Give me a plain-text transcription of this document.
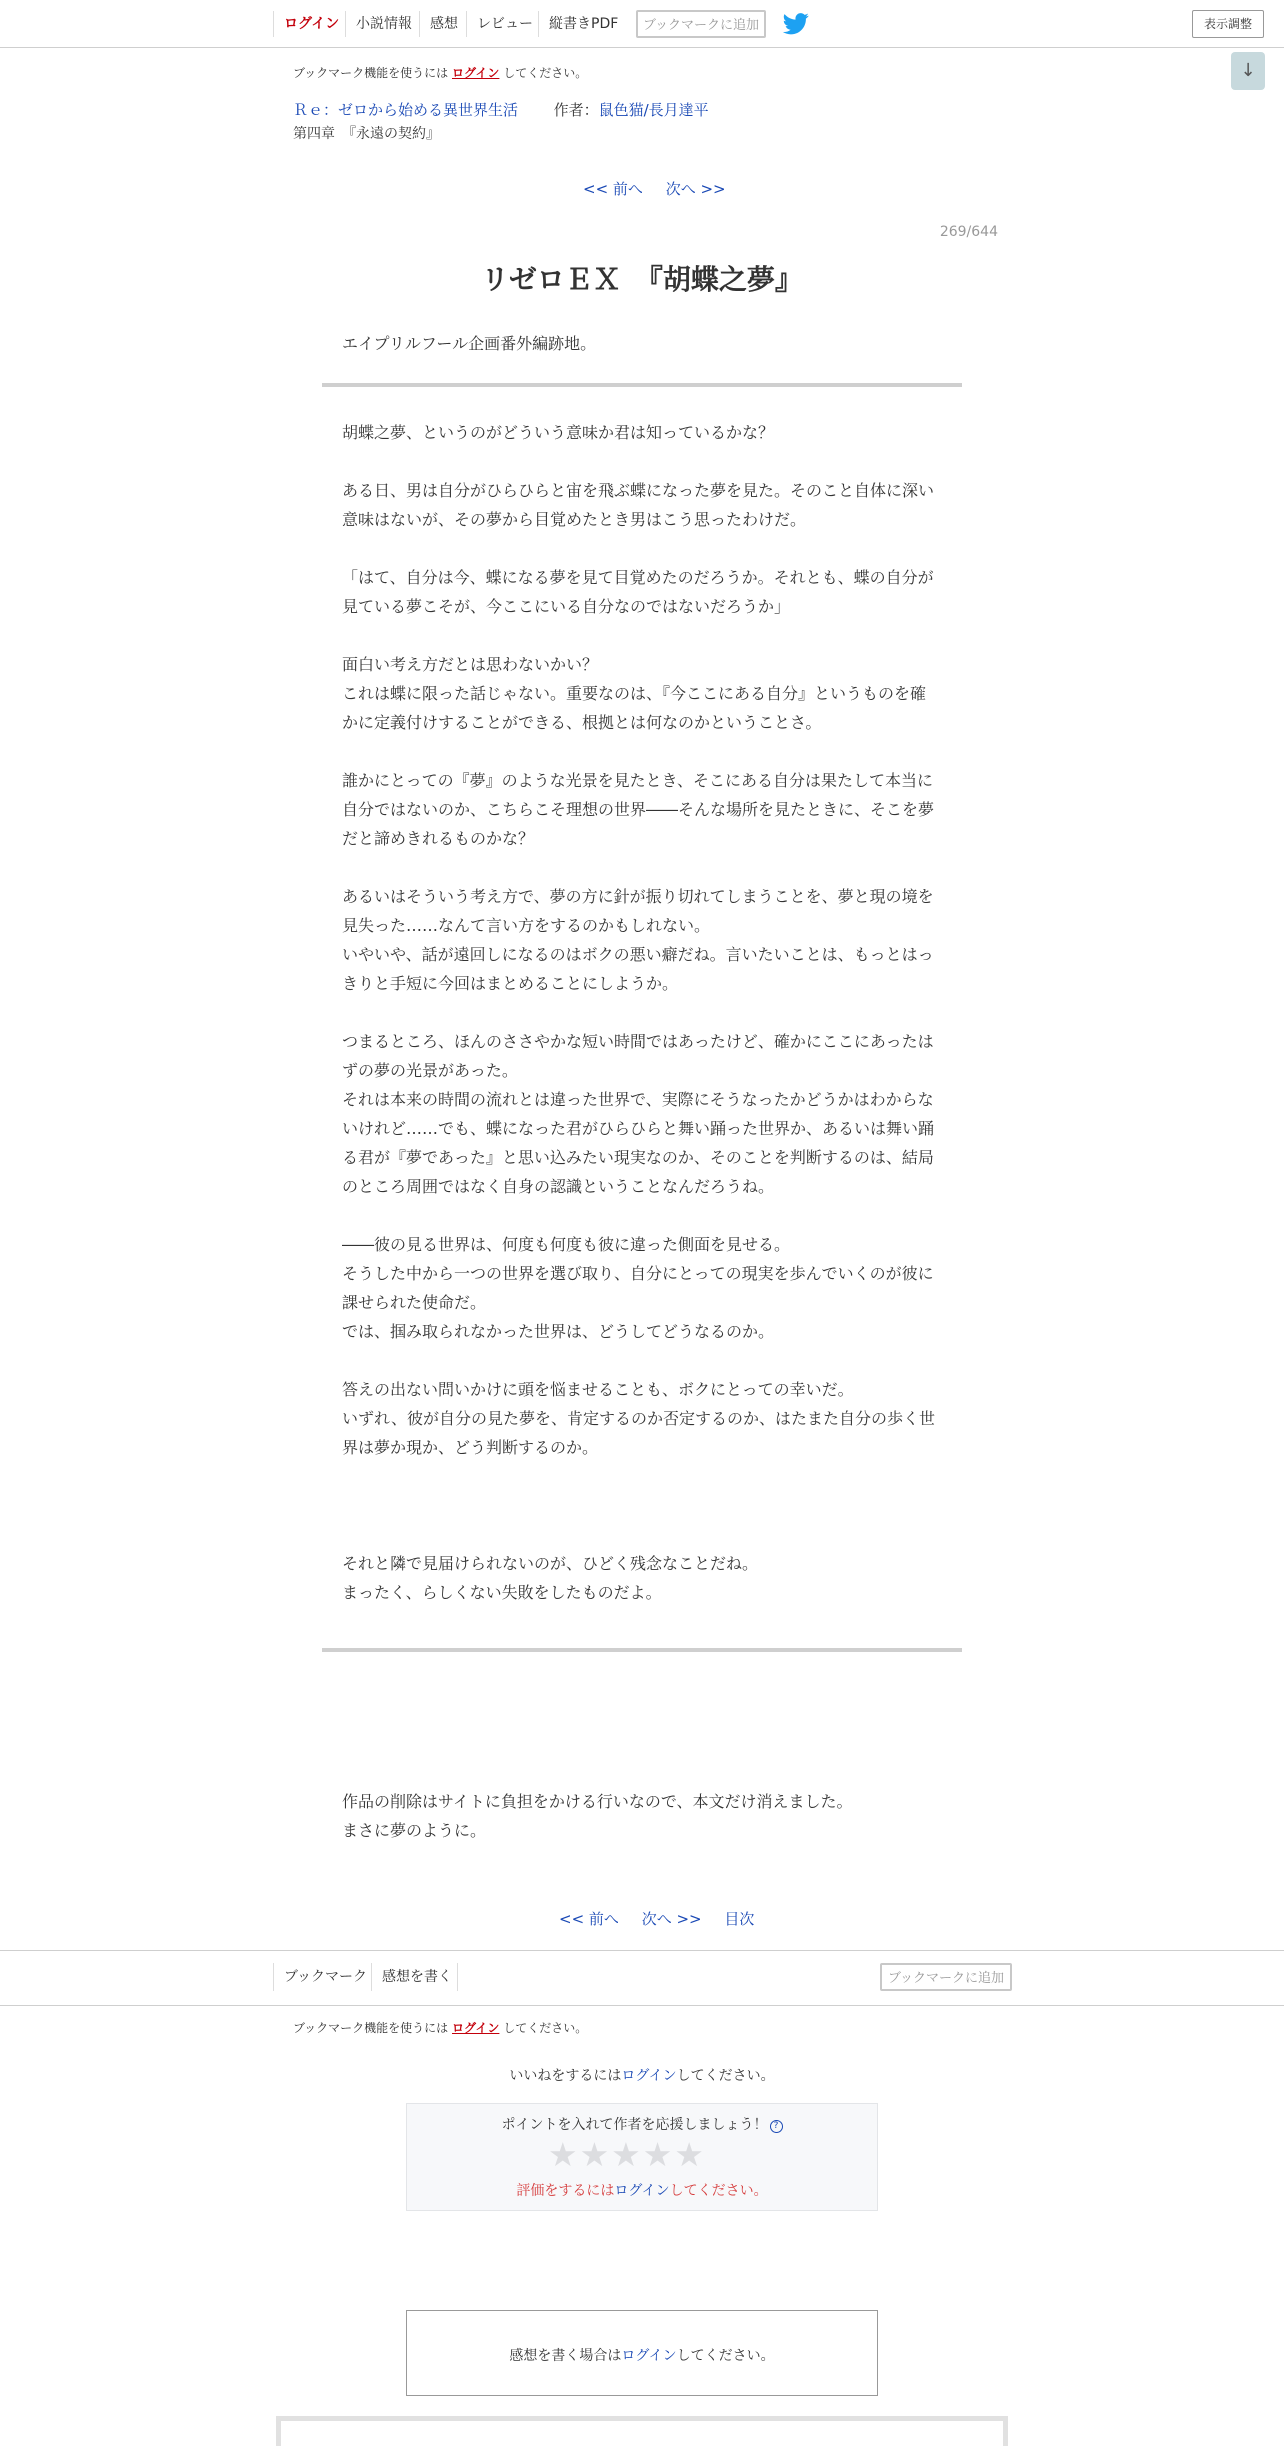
ログイン	小説情報	感想	レビュー	縦書きPDF	ブックマークに追加	表示調整
↓
ブックマーク機能を使うには ログイン してください。
Ｒｅ：ゼロから始める異世界生活 作者：鼠色猫/長月達平
第四章　『永遠の契約』
<< 前へ 次へ >>
269/644
リゼロＥＸ　『胡蝶之夢』
エイプリルフール企画番外編跡地。
胡蝶之夢、というのがどういう意味か君は知っているかな？
ある日、男は自分がひらひらと宙を飛ぶ蝶になった夢を見た。そのこと自体に深い
意味はないが、その夢から目覚めたとき男はこう思ったわけだ。
「はて、自分は今、蝶になる夢を見て目覚めたのだろうか。それとも、蝶の自分が
見ている夢こそが、今ここにいる自分なのではないだろうか」
面白い考え方だとは思わないかい？
これは蝶に限った話じゃない。重要なのは、『今ここにある自分』というものを確
かに定義付けすることができる、根拠とは何なのかということさ。
誰かにとっての『夢』のような光景を見たとき、そこにある自分は果たして本当に
自分ではないのか、こちらこそ理想の世界――そんな場所を見たときに、そこを夢
だと諦めきれるものかな？
あるいはそういう考え方で、夢の方に針が振り切れてしまうことを、夢と現の境を
見失った……なんて言い方をするのかもしれない。
いやいや、話が遠回しになるのはボクの悪い癖だね。言いたいことは、もっとはっ
きりと手短に今回はまとめることにしようか。
つまるところ、ほんのささやかな短い時間ではあったけど、確かにここにあったは
ずの夢の光景があった。
それは本来の時間の流れとは違った世界で、実際にそうなったかどうかはわからな
いけれど……でも、蝶になった君がひらひらと舞い踊った世界か、あるいは舞い踊
る君が『夢であった』と思い込みたい現実なのか、そのことを判断するのは、結局
のところ周囲ではなく自身の認識ということなんだろうね。
――彼の見る世界は、何度も何度も彼に違った側面を見せる。
そうした中から一つの世界を選び取り、自分にとっての現実を歩んでいくのが彼に
課せられた使命だ。
では、掴み取られなかった世界は、どうしてどうなるのか。
答えの出ない問いかけに頭を悩ませることも、ボクにとっての幸いだ。
いずれ、彼が自分の見た夢を、肯定するのか否定するのか、はたまた自分の歩く世
界は夢か現か、どう判断するのか。
それと隣で見届けられないのが、ひどく残念なことだね。
まったく、らしくない失敗をしたものだよ。
作品の削除はサイトに負担をかける行いなので、本文だけ消えました。
まさに夢のように。
<< 前へ 次へ >> 目次
ブックマーク	感想を書く	ブックマークに追加
ブックマーク機能を使うには ログイン してください。
いいねをするにはログインしてください。
ポイントを入れて作者を応援しましょう！ ?
★★★★★
評価をするにはログインしてください。
感想を書く場合はログインしてください。
